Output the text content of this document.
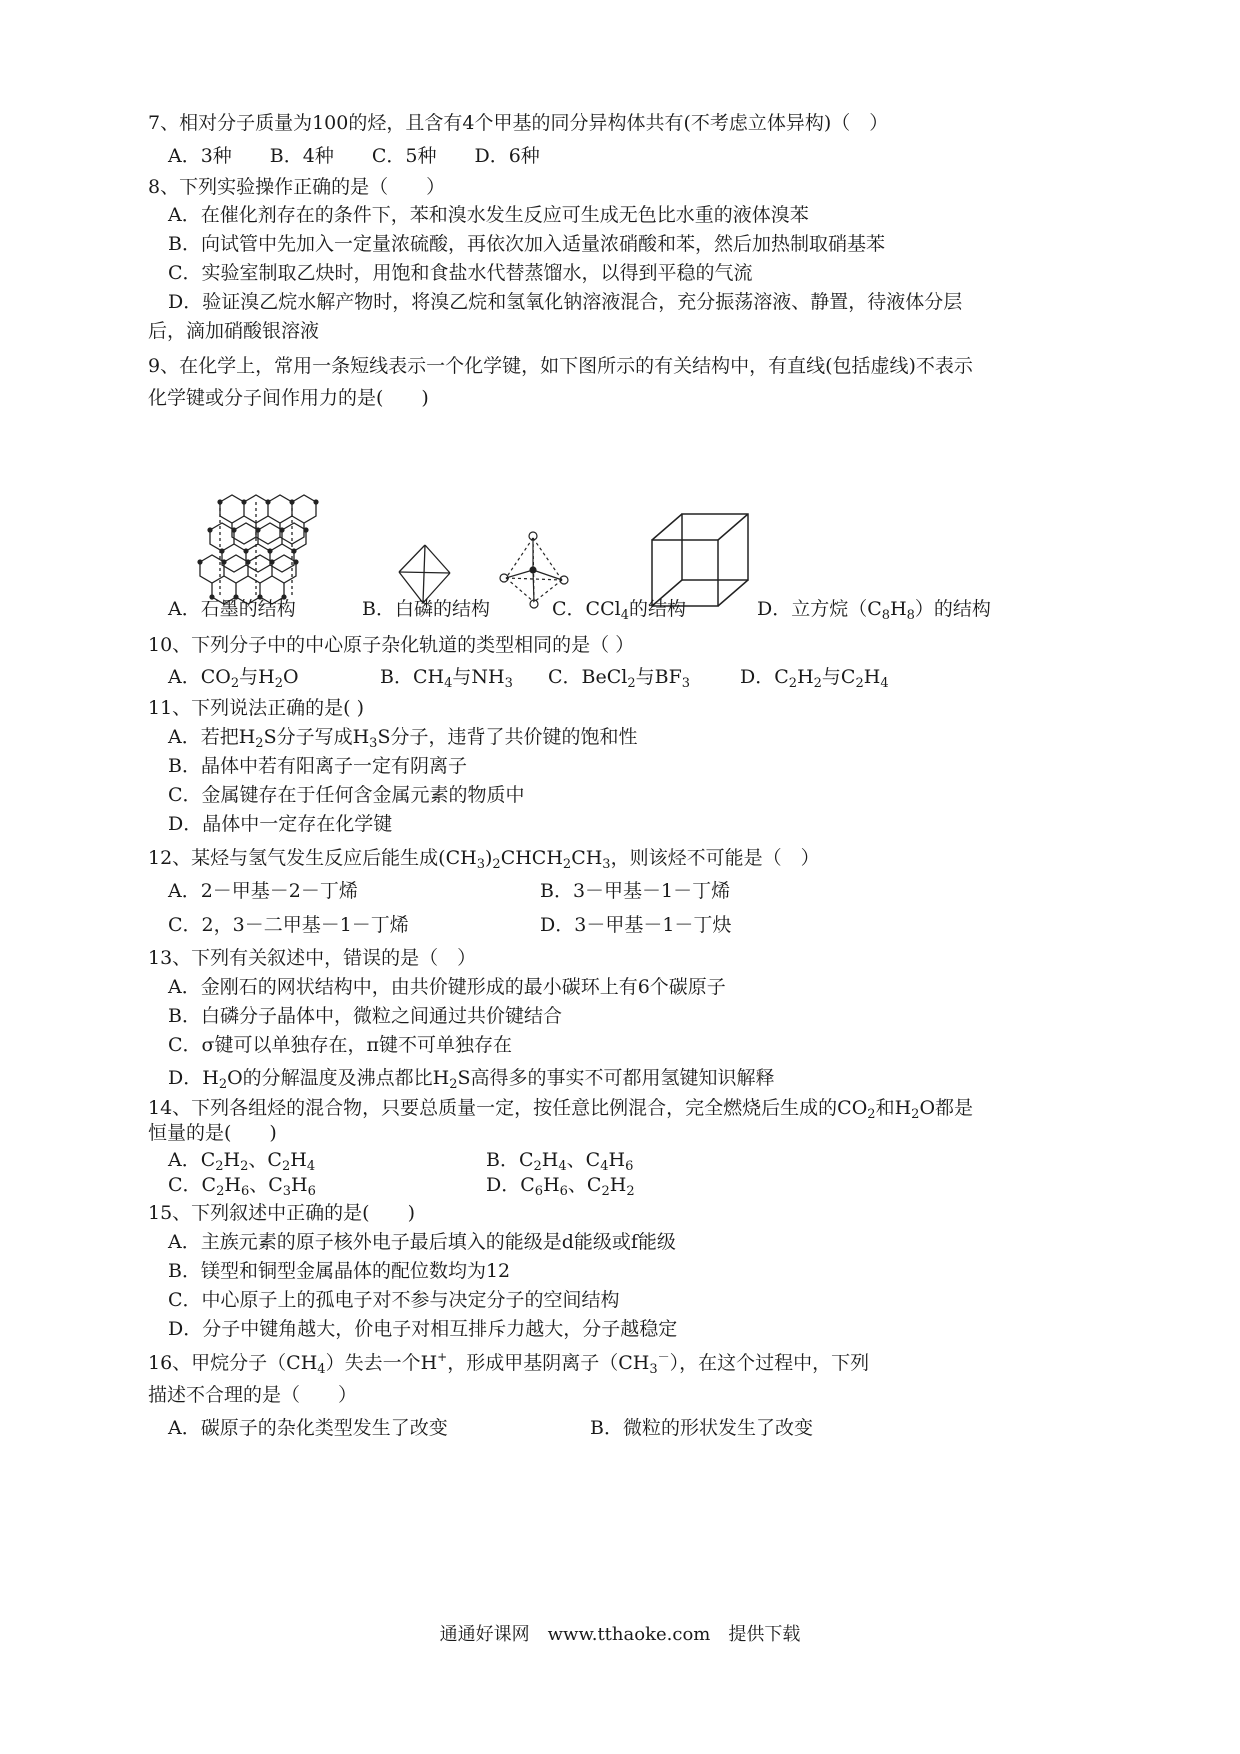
7、相对分子质量为100的烃，且含有4个甲基的同分异构体共有(不考虑立体异构)（　）
A．3种　　B．4种　　C．5种　　D．6种
8、下列实验操作正确的是（　　）
A．在催化剂存在的条件下，苯和溴水发生反应可生成无色比水重的液体溴苯
B．向试管中先加入一定量浓硫酸，再依次加入适量浓硝酸和苯，然后加热制取硝基苯
C．实验室制取乙炔时，用饱和食盐水代替蒸馏水，以得到平稳的气流
D．验证溴乙烷水解产物时，将溴乙烷和氢氧化钠溶液混合，充分振荡溶液、静置，待液体分层
后，滴加硝酸银溶液
9、在化学上，常用一条短线表示一个化学键，如下图所示的有关结构中，有直线(包括虚线)不表示
化学键或分子间作用力的是(　　)
A．石墨的结构	B．白磷的结构	C．CCl$_4$的结构	D．立方烷$(C_8H_8)$的结构
10、下列分子中的中心原子杂化轨道的类型相同的是（ ）
A．$CO_2$与$H_2O$	B．$CH_4$与$NH_3$ C．BeCl$_2$与$BF_3$	D．$C_2H_2$与$C_2H_4$
11、下列说法正确的是( )
A．若把$H_2S$分子写成$H_3S$分子，违背了共价键的饱和性
B．晶体中若有阳离子一定有阴离子
C．金属键存在于任何含金属元素的物质中
D．晶体中一定存在化学键
12、某烃与氢气发生反应后能生成$(CH_3)_2CHCH_2CH_3$，则该烃不可能是（　）
A．2－甲基－2－丁烯	B．3－甲基－1－丁烯
C．2，3－二甲基－1－丁烯	D．3－甲基－1－丁炔
13、下列有关叙述中，错误的是（　）
A．金刚石的网状结构中，由共价键形成的最小碳环上有6个碳原子
B．白磷分子晶体中，微粒之间通过共价键结合
C．σ键可以单独存在，π键不可单独存在
D．$H_2O$的分解温度及沸点都比$H_2S$高得多的事实不可都用氢键知识解释
14、下列各组烃的混合物，只要总质量一定，按任意比例混合，完全燃烧后生成的$CO_2$和$H_2O$都是
恒量的是(　　)
A．$C_2H_2$、$C_2H_4$	B．$C_2H_4$、$C_4H_6$
C．$C_2H_6$、$C_3H_6$	D．$C_6H_6$、$C_2H_2$
15、下列叙述中正确的是(　　)
A．主族元素的原子核外电子最后填入的能级是d能级或f能级
B．镁型和铜型金属晶体的配位数均为12
C．中心原子上的孤电子对不参与决定分子的空间结构
D．分子中键角越大，价电子对相互排斥力越大，分子越稳定
16、甲烷分子$(CH_4)$失去一个H+，形成甲基阴离子$(CH_3^-)$，在这个过程中，下列
描述不合理的是（　　）
A．碳原子的杂化类型发生了改变	B．微粒的形状发生了改变
通通好课网　www.tthaoke.com　提供下载
